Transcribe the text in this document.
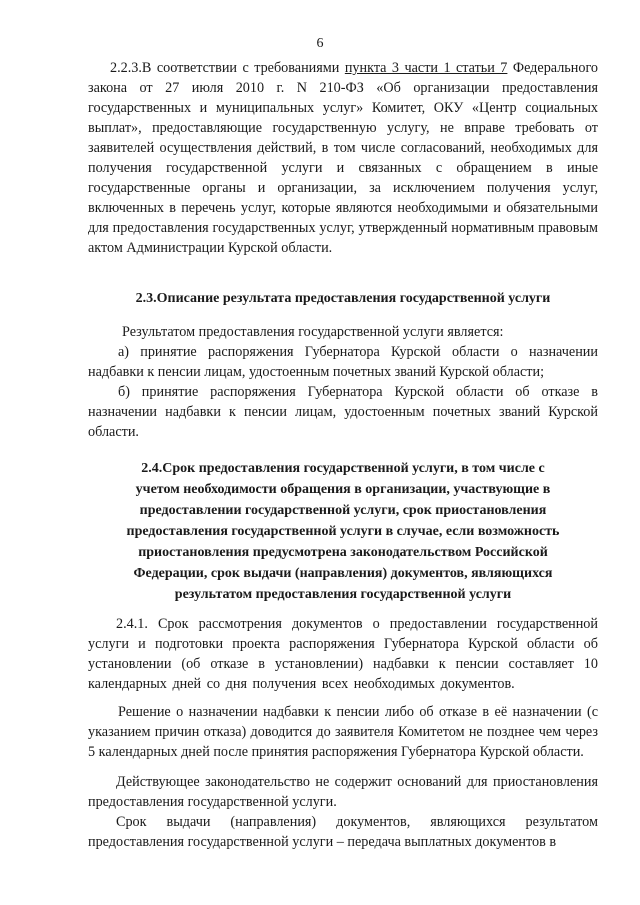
6

2.2.3.В соответствии с требованиями пункта 3 части 1 статьи 7 Федерального закона от 27 июля 2010 г. N 210-ФЗ «Об организации предоставления государственных и муниципальных услуг» Комитет, ОКУ «Центр социальных выплат», предоставляющие государственную услугу, не вправе требовать от заявителей осуществления действий, в том числе согласований, необходимых для получения государственной услуги и связанных с обращением в иные государственные органы и организации, за исключением получения услуг, включенных в перечень услуг, которые являются необходимыми и обязательными для предоставления государственных услуг, утвержденный нормативным правовым актом Администрации Курской области.

2.3.Описание результата предоставления государственной услуги

Результатом предоставления государственной услуги является:

а) принятие распоряжения Губернатора Курской области о назначении надбавки к пенсии лицам, удостоенным почетных званий Курской области;

б) принятие распоряжения Губернатора Курской области об отказе в назначении надбавки к пенсии лицам, удостоенным почетных званий Курской области.

2.4.Срок предоставления государственной услуги, в том числе с
учетом необходимости обращения в организации, участвующие в
предоставлении государственной услуги, срок приостановления
предоставления государственной услуги в случае, если возможность
приостановления предусмотрена законодательством Российской
Федерации, срок выдачи (направления) документов, являющихся
результатом предоставления государственной услуги

2.4.1. Срок рассмотрения документов о предоставлении государственной услуги и подготовки проекта распоряжения Губернатора Курской области об установлении (об отказе в установлении) надбавки к пенсии составляет 10 календарных дней со дня получения всех необходимых документов.

Решение о назначении надбавки к пенсии либо об отказе в её назначении (с указанием причин отказа) доводится до заявителя Комитетом не позднее чем через 5 календарных дней после принятия распоряжения Губернатора Курской области.

Действующее законодательство не содержит оснований для приостановления предоставления государственной услуги.

Срок выдачи (направления) документов, являющихся результатом предоставления государственной услуги – передача выплатных документов в
